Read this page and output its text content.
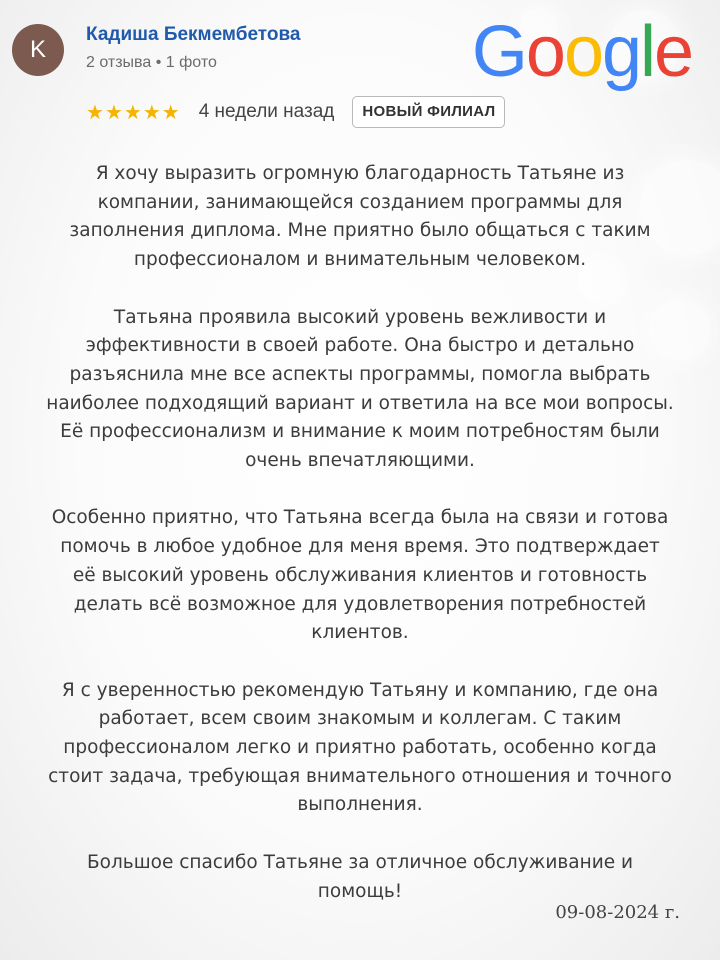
K
Кадиша Бекмембетова
2 отзыва • 1 фото	Google
★ ★ ★ ★ ★ 4 недели назад	НОВЫЙ ФИЛИАЛ
Я хочу выразить огромную благодарность Татьяне из
компании, занимающейся созданием программы для
заполнения диплома. Мне приятно было общаться с таким
профессионалом и внимательным человеком.
Татьяна проявила высокий уровень вежливости и
эффективности в своей работе. Она быстро и детально
разъяснила мне все аспекты программы, помогла выбрать
наиболее подходящий вариант и ответила на все мои вопросы.
Её профессионализм и внимание к моим потребностям были
очень впечатляющими.
Особенно приятно, что Татьяна всегда была на связи и готова
помочь в любое удобное для меня время. Это подтверждает
её высокий уровень обслуживания клиентов и готовность
делать всё возможное для удовлетворения потребностей
клиентов.
Я с уверенностью рекомендую Татьяну и компанию, где она
работает, всем своим знакомым и коллегам. С таким
профессионалом легко и приятно работать, особенно когда
стоит задача, требующая внимательного отношения и точного
выполнения.
Большое спасибо Татьяне за отличное обслуживание и
помощь!
09-08-2024 г.
